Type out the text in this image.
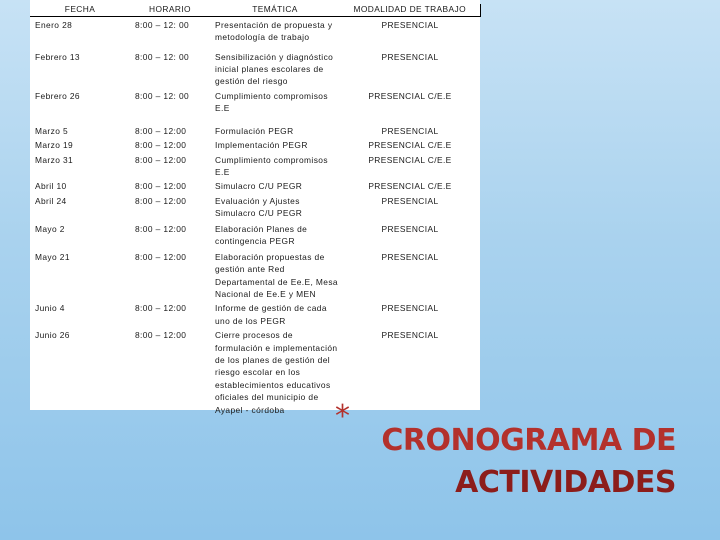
FECHA	HORARIO	TEMÁTICA	MODALIDAD DE TRABAJO
Enero 28	8:00 – 12: 00	Presentación de propuesta y metodología de trabajo	PRESENCIAL
Febrero 13	8:00 – 12: 00	Sensibilización y diagnóstico inicial planes escolares de gestión del riesgo	PRESENCIAL
Febrero 26	8:00 – 12: 00	Cumplimiento compromisos E.E	PRESENCIAL C/E.E
Marzo 5	8:00 – 12:00	Formulación PEGR	PRESENCIAL
Marzo 19	8:00 – 12:00	Implementación PEGR	PRESENCIAL C/E.E
Marzo 31	8:00 – 12:00	Cumplimiento compromisos E.E	PRESENCIAL C/E.E
Abril 10	8:00 – 12:00	Simulacro C/U PEGR	PRESENCIAL C/E.E
Abril 24	8:00 – 12:00	Evaluación y Ajustes Simulacro C/U PEGR	PRESENCIAL
Mayo 2	8:00 – 12:00	Elaboración Planes de contingencia PEGR	PRESENCIAL
Mayo 21	8:00 – 12:00	Elaboración propuestas de gestión ante Red Departamental de Ee.E, Mesa Nacional de Ee.E y MEN	PRESENCIAL
Junio 4	8:00 – 12:00	Informe de gestión de cada uno de los PEGR	PRESENCIAL
Junio 26	8:00 – 12:00	Cierre procesos de formulación e implementación de los planes de gestión del riesgo escolar en los establecimientos educativos oficiales del municipio de Ayapel - córdoba	PRESENCIAL
*
CRONOGRAMA DE
ACTIVIDADES
